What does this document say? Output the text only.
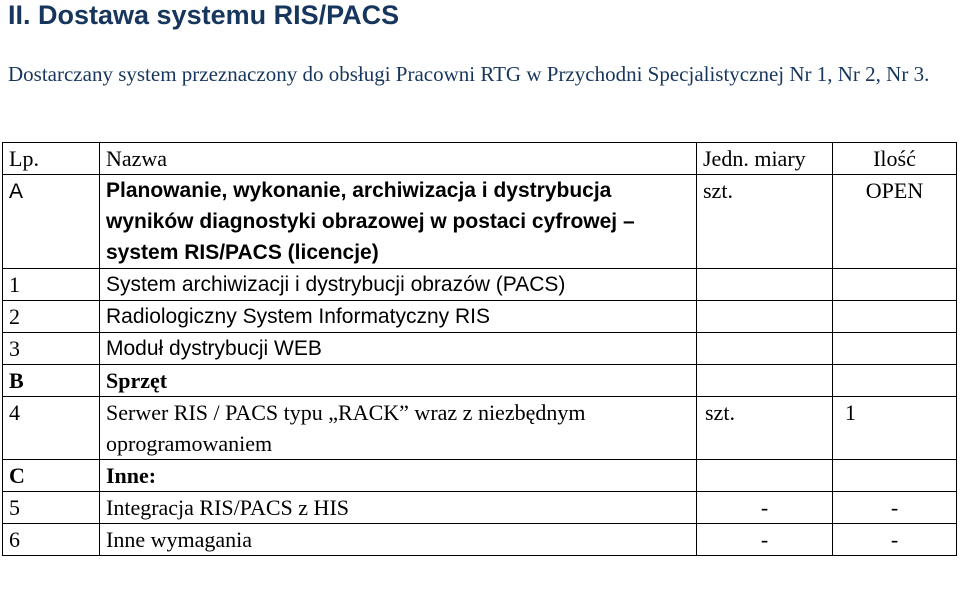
II. Dostawa systemu RIS/PACS

Dostarczany system przeznaczony do obsługi Pracowni RTG w Przychodni Specjalistycznej Nr 1, Nr 2, Nr 3.

Lp.	Nazwa	Jedn. miary	Ilość
A	Planowanie, wykonanie, archiwizacja i dystrybucja wyników diagnostyki obrazowej w postaci cyfrowej – system RIS/PACS (licencje)	szt.	OPEN
1	System archiwizacji i dystrybucji obrazów (PACS)		
2	Radiologiczny System Informatyczny RIS		
3	Moduł dystrybucji WEB		
B	Sprzęt		
4	Serwer RIS / PACS typu „RACK” wraz z niezbędnym oprogramowaniem	szt.	1
C	Inne:		
5	Integracja RIS/PACS z HIS	-	-
6	Inne wymagania	-	-
